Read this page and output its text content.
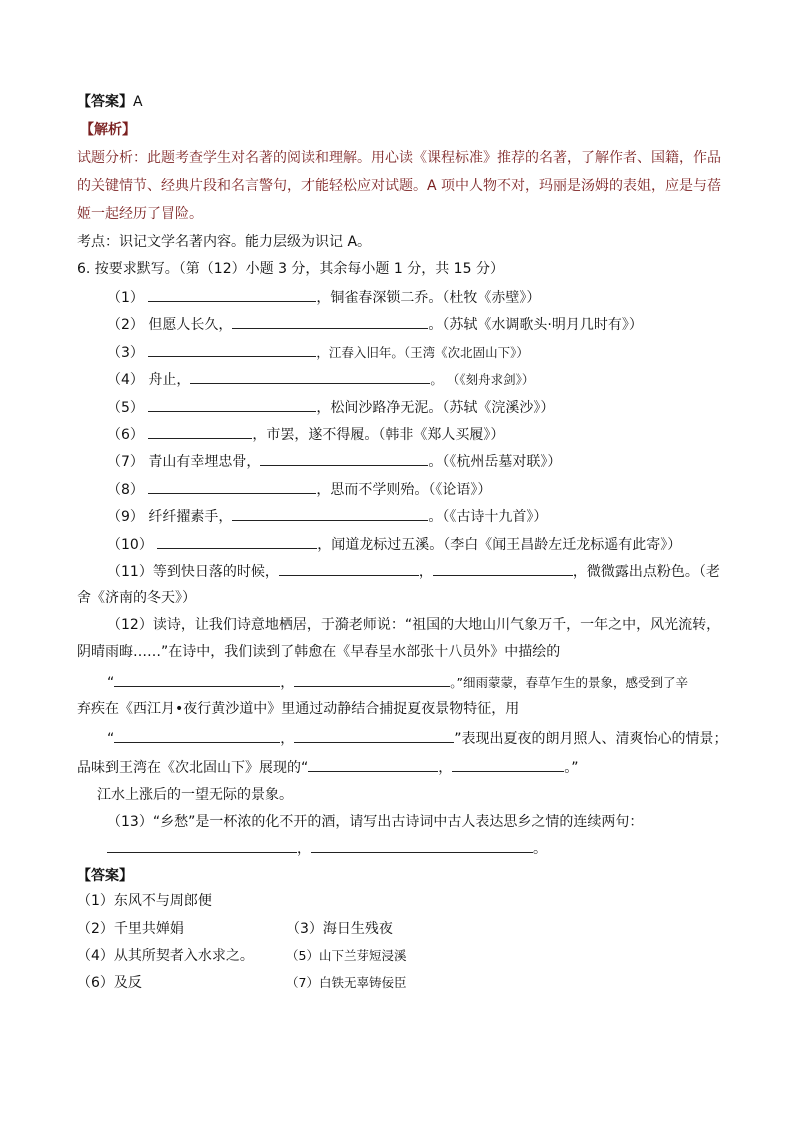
【答案】A
【解析】
试题分析：此题考查学生对名著的阅读和理解。用心读《课程标准》推荐的名著，了解作者、国籍，作品
的关键情节、经典片段和名言警句，才能轻松应对试题。A 项中人物不对，玛丽是汤姆的表姐，应是与蓓
姬一起经历了冒险。
考点：识记文学名著内容。能力层级为识记 A。
6. 按要求默写。（第（12）小题 3 分，其余每小题 1 分，共 15 分）
（1）	，铜雀春深锁二乔。（杜牧《赤壁》）
（2） 但愿人长久，	。（苏轼《水调歌头·明月几时有》）
（3）	，江春入旧年。（王湾《次北固山下》）
（4） 舟止，	。 （《刻舟求剑》）
（5）	，松间沙路净无泥。（苏轼《浣溪沙》）
（6）	，市罢，遂不得履。（韩非《郑人买履》）
（7） 青山有幸埋忠骨，	。（《杭州岳墓对联》）
（8）	，思而不学则殆。（《论语》）
（9） 纤纤擢素手，	。（《古诗十九首》）
（10）	，闻道龙标过五溪。（李白《闻王昌龄左迁龙标遥有此寄》）
（11）等到快日落的时候，	，	，微微露出点粉色。（老
舍《济南的冬天》）
（12）读诗，让我们诗意地栖居，于漪老师说：“祖国的大地山川气象万千，一年之中，风光流转，
阴晴雨晦……”在诗中，我们读到了韩愈在《早春呈水部张十八员外》中描绘的
“	，	。”细雨蒙蒙，春草乍生的景象，感受到了辛
弃疾在《西江月•夜行黄沙道中》里通过动静结合捕捉夏夜景物特征，用
“	，	”表现出夏夜的朗月照人、清爽怡心的情景；
品味到王湾在《次北固山下》展现的“	，	。”
江水上涨后的一望无际的景象。
（13）“乡愁”是一杯浓的化不开的酒，请写出古诗词中古人表达思乡之情的连续两句：
，	。
【答案】
（1）东风不与周郎便
（2）千里共婵娟	（3）海日生残夜
（4）从其所契者入水求之。	（5）山下兰芽短浸溪
（6）及反	（7）白铁无辜铸佞臣
